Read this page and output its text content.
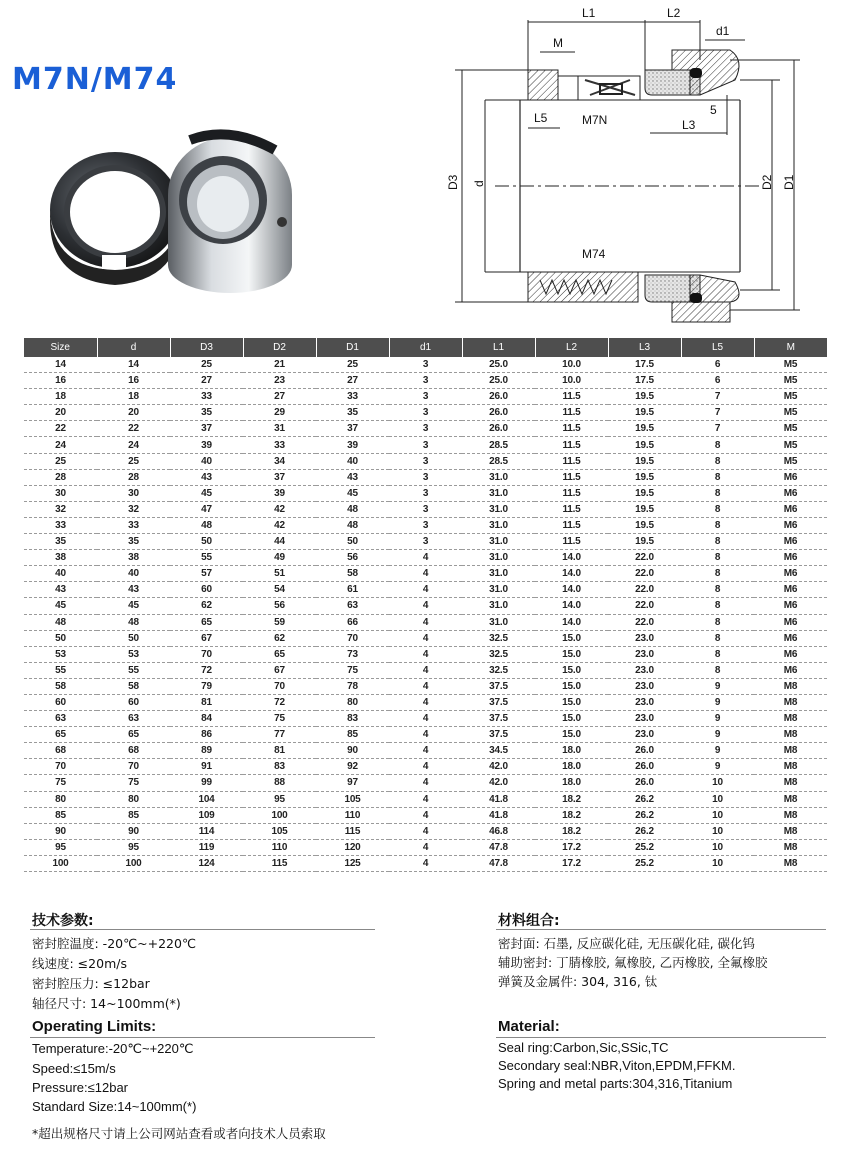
M7N/M74
L1	L2
d1
M
L5	M7N
5
L3
D3 d	D2 D1
M74
Size	d	D3	D2	D1	d1	L1	L2	L3	L5	M
14	14	25	21	25	3	25.0	10.0	17.5	6	M5
16	16	27	23	27	3	25.0	10.0	17.5	6	M5
18	18	33	27	33	3	26.0	11.5	19.5	7	M5
20	20	35	29	35	3	26.0	11.5	19.5	7	M5
22	22	37	31	37	3	26.0	11.5	19.5	7	M5
24	24	39	33	39	3	28.5	11.5	19.5	8	M5
25	25	40	34	40	3	28.5	11.5	19.5	8	M5
28	28	43	37	43	3	31.0	11.5	19.5	8	M6
30	30	45	39	45	3	31.0	11.5	19.5	8	M6
32	32	47	42	48	3	31.0	11.5	19.5	8	M6
33	33	48	42	48	3	31.0	11.5	19.5	8	M6
35	35	50	44	50	3	31.0	11.5	19.5	8	M6
38	38	55	49	56	4	31.0	14.0	22.0	8	M6
40	40	57	51	58	4	31.0	14.0	22.0	8	M6
43	43	60	54	61	4	31.0	14.0	22.0	8	M6
45	45	62	56	63	4	31.0	14.0	22.0	8	M6
48	48	65	59	66	4	31.0	14.0	22.0	8	M6
50	50	67	62	70	4	32.5	15.0	23.0	8	M6
53	53	70	65	73	4	32.5	15.0	23.0	8	M6
55	55	72	67	75	4	32.5	15.0	23.0	8	M6
58	58	79	70	78	4	37.5	15.0	23.0	9	M8
60	60	81	72	80	4	37.5	15.0	23.0	9	M8
63	63	84	75	83	4	37.5	15.0	23.0	9	M8
65	65	86	77	85	4	37.5	15.0	23.0	9	M8
68	68	89	81	90	4	34.5	18.0	26.0	9	M8
70	70	91	83	92	4	42.0	18.0	26.0	9	M8
75	75	99	88	97	4	42.0	18.0	26.0	10	M8
80	80	104	95	105	4	41.8	18.2	26.2	10	M8
85	85	109	100	110	4	41.8	18.2	26.2	10	M8
90	90	114	105	115	4	46.8	18.2	26.2	10	M8
95	95	119	110	120	4	47.8	17.2	25.2	10	M8
100	100	124	115	125	4	47.8	17.2	25.2	10	M8
技术参数:
密封腔温度: -20℃~+220℃
线速度: ≤20m/s
密封腔压力: ≤12bar
轴径尺寸: 14~100mm(*)
Operating Limits:
Temperature:-20℃~+220℃
Speed:≤15m/s
Pressure:≤12bar
Standard Size:14~100mm(*)
*超出规格尺寸请上公司网站查看或者向技术人员索取
材料组合:
密封面: 石墨, 反应碳化硅, 无压碳化硅, 碳化钨
辅助密封: 丁腈橡胶, 氟橡胶, 乙丙橡胶, 全氟橡胶
弹簧及金属件: 304, 316, 钛
Material:
Seal ring:Carbon,Sic,SSic,TC
Secondary seal:NBR,Viton,EPDM,FFKM.
Spring and metal parts:304,316,Titanium
